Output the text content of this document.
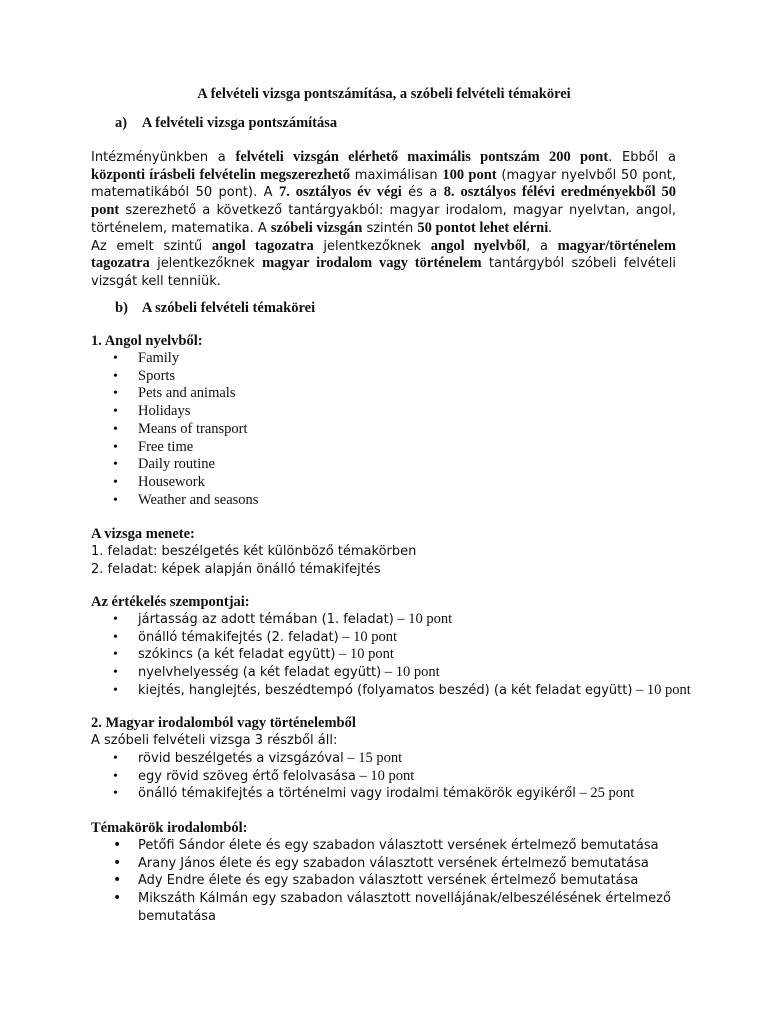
A felvételi vizsga pontszámítása, a szóbeli felvételi témakörei
a) A felvételi vizsga pontszámítása

Intézményünkben a felvételi vizsgán elérhető maximális pontszám 200 pont. Ebből a központi írásbeli felvételin megszerezhető maximálisan 100 pont (magyar nyelvből 50 pont, matematikából 50 pont). A 7. osztályos év végi és a 8. osztályos félévi eredményekből 50 pont szerezhető a következő tantárgyakból: magyar irodalom, magyar nyelvtan, angol, történelem, matematika. A szóbeli vizsgán szintén 50 pontot lehet elérni.

Az emelt szintű angol tagozatra jelentkezőknek angol nyelvből, a magyar/történelem tagozatra jelentkezőknek magyar irodalom vagy történelem tantárgyból szóbeli felvételi vizsgát kell tenniük.

b) A szóbeli felvételi témakörei
1. Angol nyelvből:
• Family
• Sports
• Pets and animals
• Holidays
• Means of transport
• Free time
• Daily routine
• Housework
• Weather and seasons
A vizsga menete:
1. feladat: beszélgetés két különböző témakörben
2. feladat: képek alapján önálló témakifejtés
Az értékelés szempontjai:
• jártasság az adott témában (1. feladat) – 10 pont
• önálló témakifejtés (2. feladat) – 10 pont
• szókincs (a két feladat együtt) – 10 pont
• nyelvhelyesség (a két feladat együtt) – 10 pont
• kiejtés, hanglejtés, beszédtempó (folyamatos beszéd) (a két feladat együtt) – 10 pont
2. Magyar irodalomból vagy történelemből
A szóbeli felvételi vizsga 3 részből áll:
• rövid beszélgetés a vizsgázóval – 15 pont
• egy rövid szöveg értő felolvasása – 10 pont
• önálló témakifejtés a történelmi vagy irodalmi témakörök egyikéről – 25 pont
Témakörök irodalomból:
• Petőfi Sándor élete és egy szabadon választott versének értelmező bemutatása
• Arany János élete és egy szabadon választott versének értelmező bemutatása
• Ady Endre élete és egy szabadon választott versének értelmező bemutatása
• Mikszáth Kálmán egy szabadon választott novellájának/elbeszélésének értelmező bemutatása
